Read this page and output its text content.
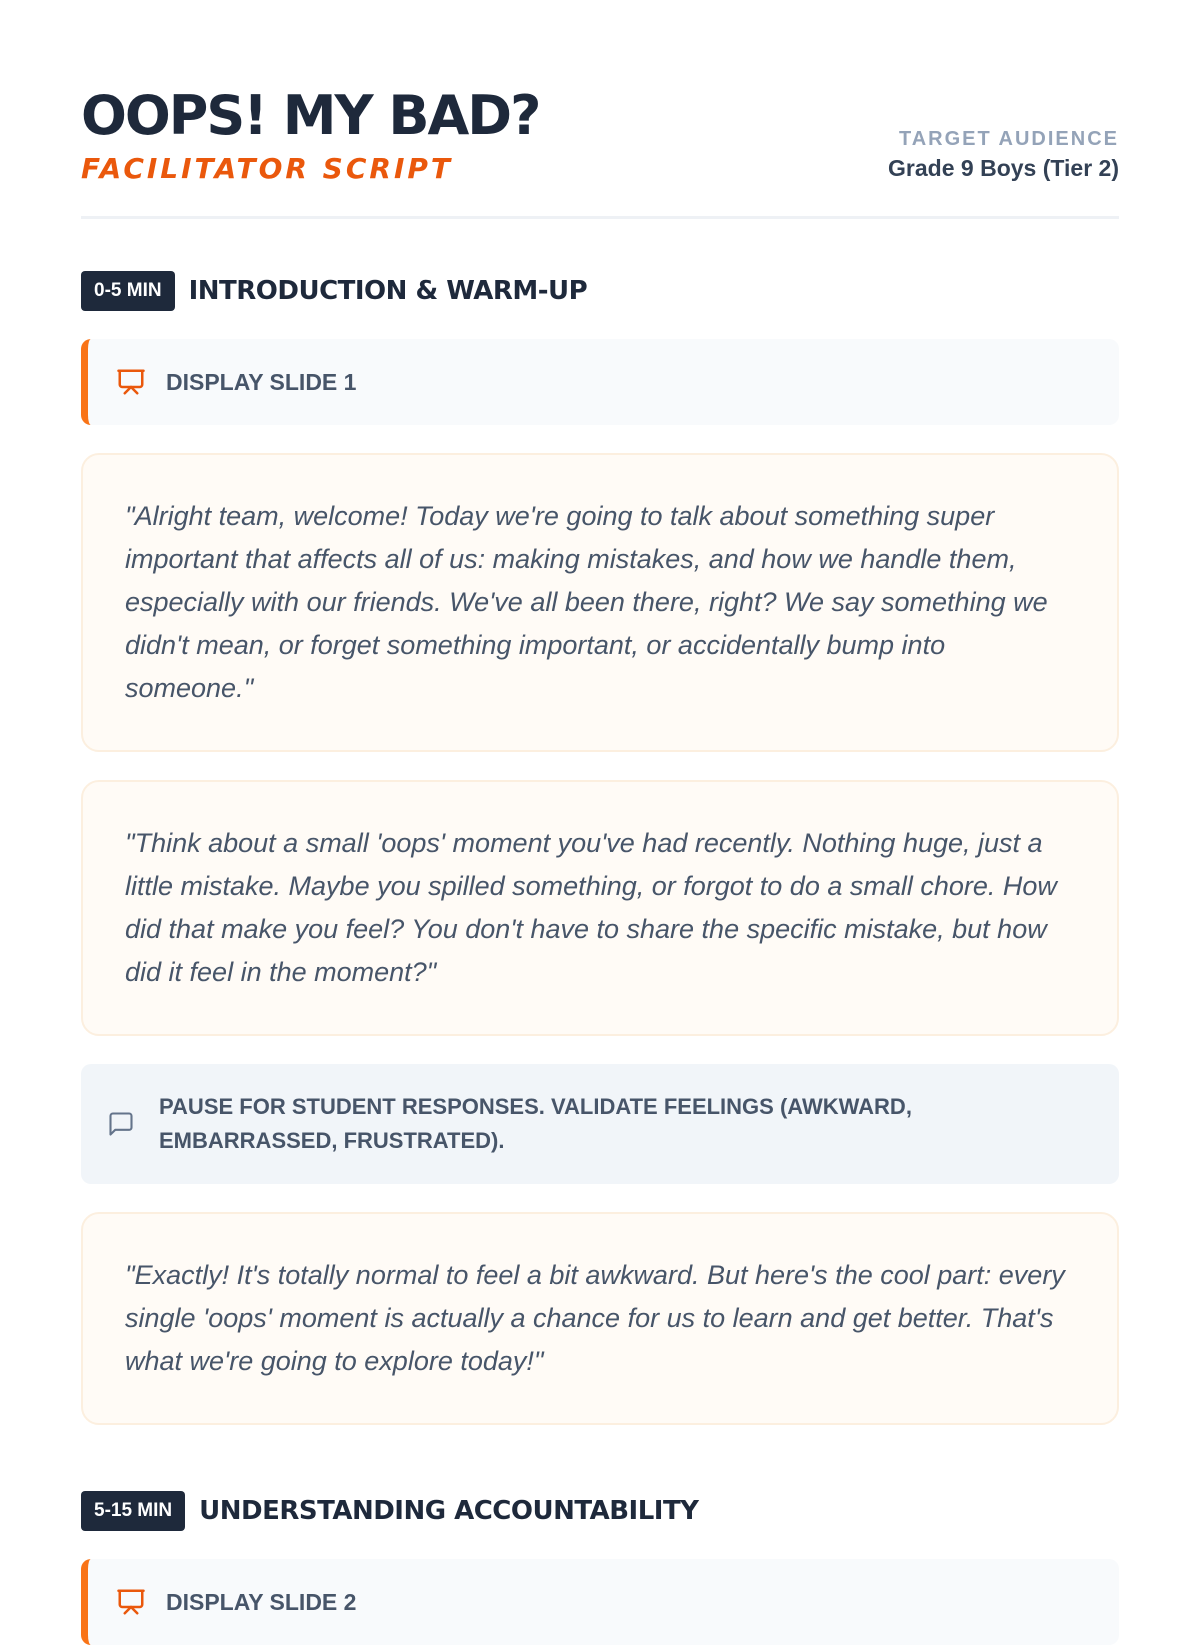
OOPS! MY BAD?
FACILITATOR SCRIPT
TARGET AUDIENCE
Grade 9 Boys (Tier 2)
0-5 MIN	INTRODUCTION & WARM-UP
DISPLAY SLIDE 1

"Alright team, welcome! Today we're going to talk about something super important that affects all of us: making mistakes, and how we handle them, especially with our friends. We've all been there, right? We say something we didn't mean, or forget something important, or accidentally bump into someone."

"Think about a small 'oops' moment you've had recently. Nothing huge, just a little mistake. Maybe you spilled something, or forgot to do a small chore. How did that make you feel? You don't have to share the specific mistake, but how did it feel in the moment?"

PAUSE FOR STUDENT RESPONSES. VALIDATE FEELINGS (AWKWARD, EMBARRASSED, FRUSTRATED).

"Exactly! It's totally normal to feel a bit awkward. But here's the cool part: every single 'oops' moment is actually a chance for us to learn and get better. That's what we're going to explore today!"

5-15 MIN	UNDERSTANDING ACCOUNTABILITY
DISPLAY SLIDE 2
